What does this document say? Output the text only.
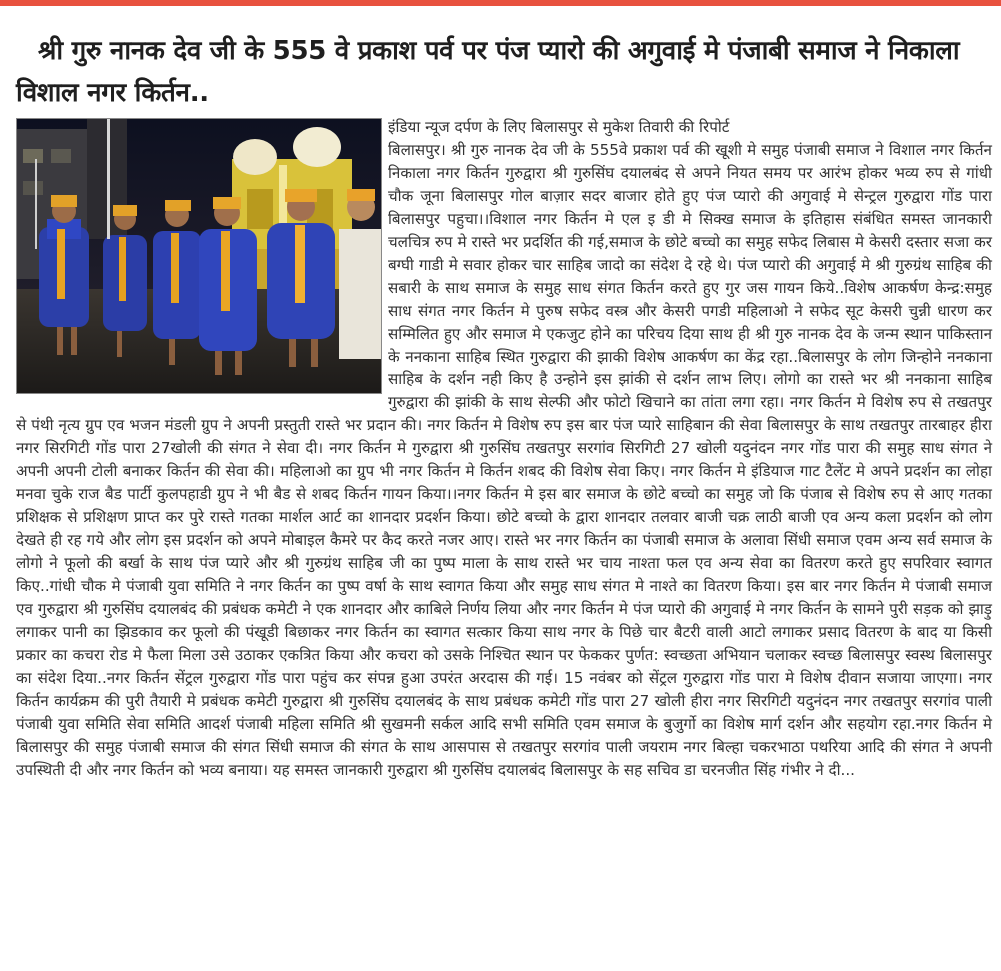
श्री गुरु नानक देव जी के 555 वे प्रकाश पर्व पर पंज प्यारो की अगुवाई मे पंजाबी समाज ने निकाला विशाल नगर किर्तन..

इंडिया न्यूज दर्पण के लिए बिलासपुर से मुकेश तिवारी की रिपोर्ट

बिलासपुर। श्री गुरु नानक देव जी के 555वे प्रकाश पर्व की खूशी मे समुह पंजाबी समाज ने विशाल नगर किर्तन निकाला नगर किर्तन गुरुद्वारा श्री गुरुसिंघ दयालबंद से अपने नियत समय पर आरंभ होकर भव्य रुप से गांधी चौक जूना बिलासपुर गोल बाज़ार सदर बाजार होते हुए पंज प्यारो की अगुवाई मे सेन्ट्रल गुरुद्वारा गोंड पारा बिलासपुर पहुचा।।विशाल नगर किर्तन मे एल इ डी मे सिक्ख समाज के इतिहास संबंधित समस्त जानकारी चलचित्र रुप मे रास्ते भर प्रदर्शित की गई,समाज के छोटे बच्चो का समुह सफेद लिबास मे केसरी दस्तार सजा कर बग्घी गाडी मे सवार होकर चार साहिब जादो का संदेश दे रहे थे। पंज प्यारो की अगुवाई मे श्री गुरुग्रंथ साहिब की सबारी के साथ समाज के समुह साध संगत किर्तन करते हुए गुर जस गायन किये..विशेष आकर्षण केन्द्र:समुह साध संगत नगर किर्तन मे पुरुष सफेद वस्त्र और केसरी पगडी महिलाओ ने सफेद सूट केसरी चुन्नी धारण कर सम्मिलित हुए और समाज मे एकजुट होने का परिचय दिया साथ ही श्री गुरु नानक देव के जन्म स्थान पाकिस्तान के ननकाना साहिब स्थित गुरुद्वारा की झाकी विशेष आकर्षण का केंद्र रहा..बिलासपुर के लोग जिन्होने ननकाना साहिब के दर्शन नही किए है उन्होने इस झांकी से दर्शन लाभ लिए। लोगो का रास्ते भर श्री ननकाना साहिब गुरुद्वारा की झांकी के साथ सेल्फी और फोटो खिचाने का तांता लगा रहा। नगर किर्तन मे विशेष रुप से तखतपुर से पंथी नृत्य ग्रुप एव भजन मंडली ग्रुप ने अपनी प्रस्तुती रास्ते भर प्रदान की। नगर किर्तन मे विशेष रुप इस बार पंज प्यारे साहिबान की सेवा बिलासपुर के साथ तखतपुर तारबाहर हीरा नगर सिरगिटी गोंड पारा 27खोली की संगत ने सेवा दी। नगर किर्तन मे गुरुद्वारा श्री गुरुसिंघ तखतपुर सरगांव सिरगिटी 27 खोली यदुनंदन नगर गोंड पारा की समुह साध संगत ने अपनी अपनी टोली बनाकर किर्तन की सेवा की। महिलाओ का ग्रुप भी नगर किर्तन मे किर्तन शबद की विशेष सेवा किए। नगर किर्तन मे इंडियाज गाट टैलेंट मे अपने प्रदर्शन का लोहा मनवा चुके राज बैड पार्टी कुलपहाडी ग्रुप ने भी बैड से शबद किर्तन गायन किया।।नगर किर्तन मे इस बार समाज के छोटे बच्चो का समुह जो कि पंजाब से विशेष रुप से आए गतका प्रशिक्षक से प्रशिक्षण प्राप्त कर पुरे रास्ते गतका मार्शल आर्ट का शानदार प्रदर्शन किया। छोटे बच्चो के द्वारा शानदार तलवार बाजी चक्र लाठी बाजी एव अन्य कला प्रदर्शन को लोग देखते ही रह गये और लोग इस प्रदर्शन को अपने मोबाइल कैमरे पर कैद करते नजर आए। रास्ते भर नगर किर्तन का पंजाबी समाज के अलावा सिंधी समाज एवम अन्य सर्व समाज के लोगो ने फूलो की बर्खा के साथ पंज प्यारे और श्री गुरुग्रंथ साहिब जी का पुष्प माला के साथ रास्ते भर चाय नाश्ता फल एव अन्य सेवा का वितरण करते हुए सपरिवार स्वागत किए..गांधी चौक मे पंजाबी युवा समिति ने नगर किर्तन का पुष्प वर्षा के साथ स्वागत किया और समुह साध संगत मे नाश्ते का वितरण किया। इस बार नगर किर्तन मे पंजाबी समाज एव गुरुद्वारा श्री गुरुसिंघ दयालबंद की प्रबंधक कमेटी ने एक शानदार और काबिले निर्णय लिया और नगर किर्तन मे पंज प्यारो की अगुवाई मे नगर किर्तन के सामने पुरी सड़क को झाड़ु लगाकर पानी का झिडकाव कर फूलो की पंखूडी बिछाकर नगर किर्तन का स्वागत सत्कार किया साथ नगर के पिछे चार बैटरी वाली आटो लगाकर प्रसाद वितरण के बाद या किसी प्रकार का कचरा रोड मे फैला मिला उसे उठाकर एकत्रित किया और कचरा को उसके निश्चित स्थान पर फेककर पुर्णत: स्वच्छता अभियान चलाकर स्वच्छ बिलासपुर स्वस्थ बिलासपुर का संदेश दिया..नगर किर्तन सेंट्रल गुरुद्वारा गोंड पारा पहुंच कर संपन्न हुआ उपरंत अरदास की गई। 15 नवंबर को सेंट्रल गुरुद्वारा गोंड पारा मे विशेष दीवान सजाया जाएगा। नगर किर्तन कार्यक्रम की पुरी तैयारी मे प्रबंधक कमेटी गुरुद्वारा श्री गुरुसिंघ दयालबंद के साथ प्रबंधक कमेटी गोंड पारा 27 खोली हीरा नगर सिरगिटी यदुनंदन नगर तखतपुर सरगांव पाली पंजाबी युवा समिति सेवा समिति आदर्श पंजाबी महिला समिति श्री सुखमनी सर्कल आदि सभी समिति एवम समाज के बुजुर्गो का विशेष मार्ग दर्शन और सहयोग रहा.नगर किर्तन मे बिलासपुर की समुह पंजाबी समाज की संगत सिंधी समाज की संगत के साथ आसपास से तखतपुर सरगांव पाली जयराम नगर बिल्हा चकरभाठा पथरिया आदि की संगत ने अपनी उपस्थिती दी और नगर किर्तन को भव्य बनाया। यह समस्त जानकारी गुरुद्वारा श्री गुरुसिंघ दयालबंद बिलासपुर के सह सचिव डा चरनजीत सिंह गंभीर ने दी...
